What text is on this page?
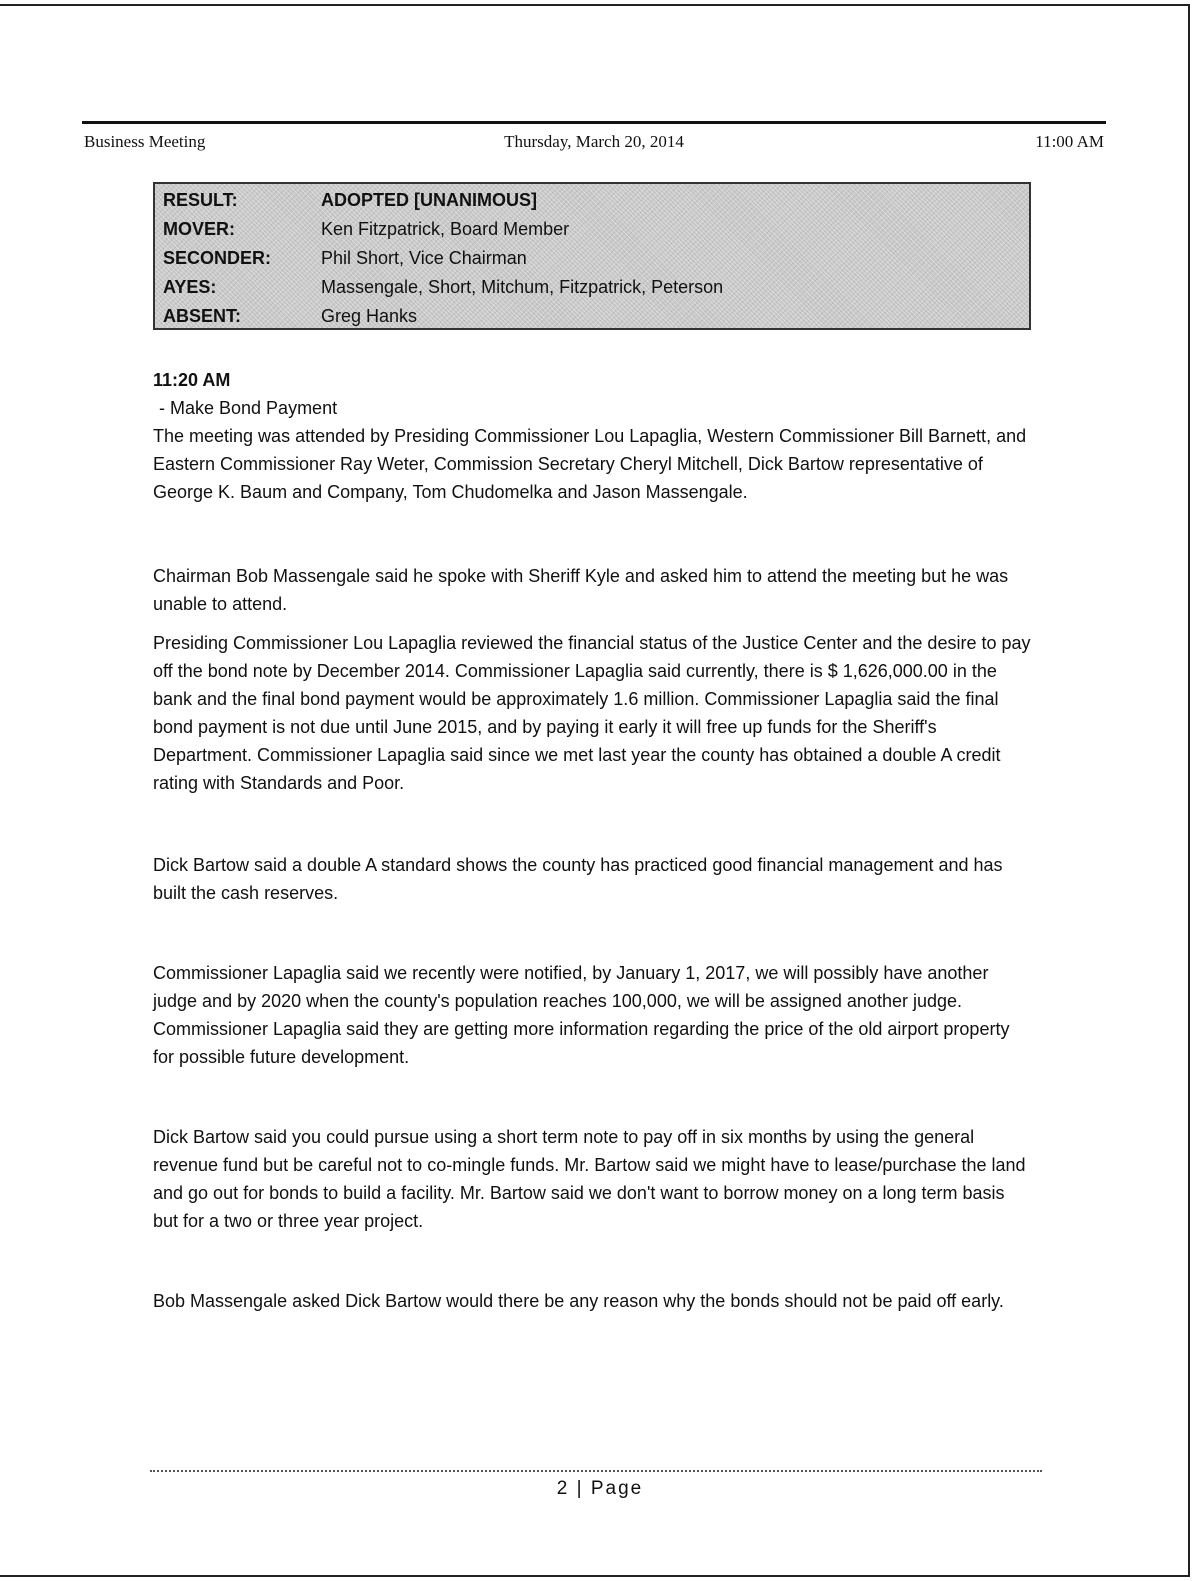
Business Meeting	Thursday, March 20, 2014	11:00 AM
RESULT:	ADOPTED [UNANIMOUS]
MOVER:	Ken Fitzpatrick, Board Member
SECONDER:	Phil Short, Vice Chairman
AYES:	Massengale, Short, Mitchum, Fitzpatrick, Peterson
ABSENT:	Greg Hanks

11:20 AM

- Make Bond Payment

The meeting was attended by Presiding Commissioner Lou Lapaglia, Western Commissioner Bill Barnett, and Eastern Commissioner Ray Weter, Commission Secretary Cheryl Mitchell, Dick Bartow representative of George K. Baum and Company, Tom Chudomelka and Jason Massengale.

Chairman Bob Massengale said he spoke with Sheriff Kyle and asked him to attend the meeting but he was unable to attend.

Presiding Commissioner Lou Lapaglia reviewed the financial status of the Justice Center and the desire to pay off the bond note by December 2014. Commissioner Lapaglia said currently, there is $ 1,626,000.00 in the bank and the final bond payment would be approximately 1.6 million. Commissioner Lapaglia said the final bond payment is not due until June 2015, and by paying it early it will free up funds for the Sheriff's Department. Commissioner Lapaglia said since we met last year the county has obtained a double A credit rating with Standards and Poor.

Dick Bartow said a double A standard shows the county has practiced good financial management and has built the cash reserves.

Commissioner Lapaglia said we recently were notified, by January 1, 2017, we will possibly have another judge and by 2020 when the county's population reaches 100,000, we will be assigned another judge. Commissioner Lapaglia said they are getting more information regarding the price of the old airport property for possible future development.

Dick Bartow said you could pursue using a short term note to pay off in six months by using the general revenue fund but be careful not to co-mingle funds. Mr. Bartow said we might have to lease/purchase the land and go out for bonds to build a facility. Mr. Bartow said we don't want to borrow money on a long term basis but for a two or three year project.

Bob Massengale asked Dick Bartow would there be any reason why the bonds should not be paid off early.

2 | Page
